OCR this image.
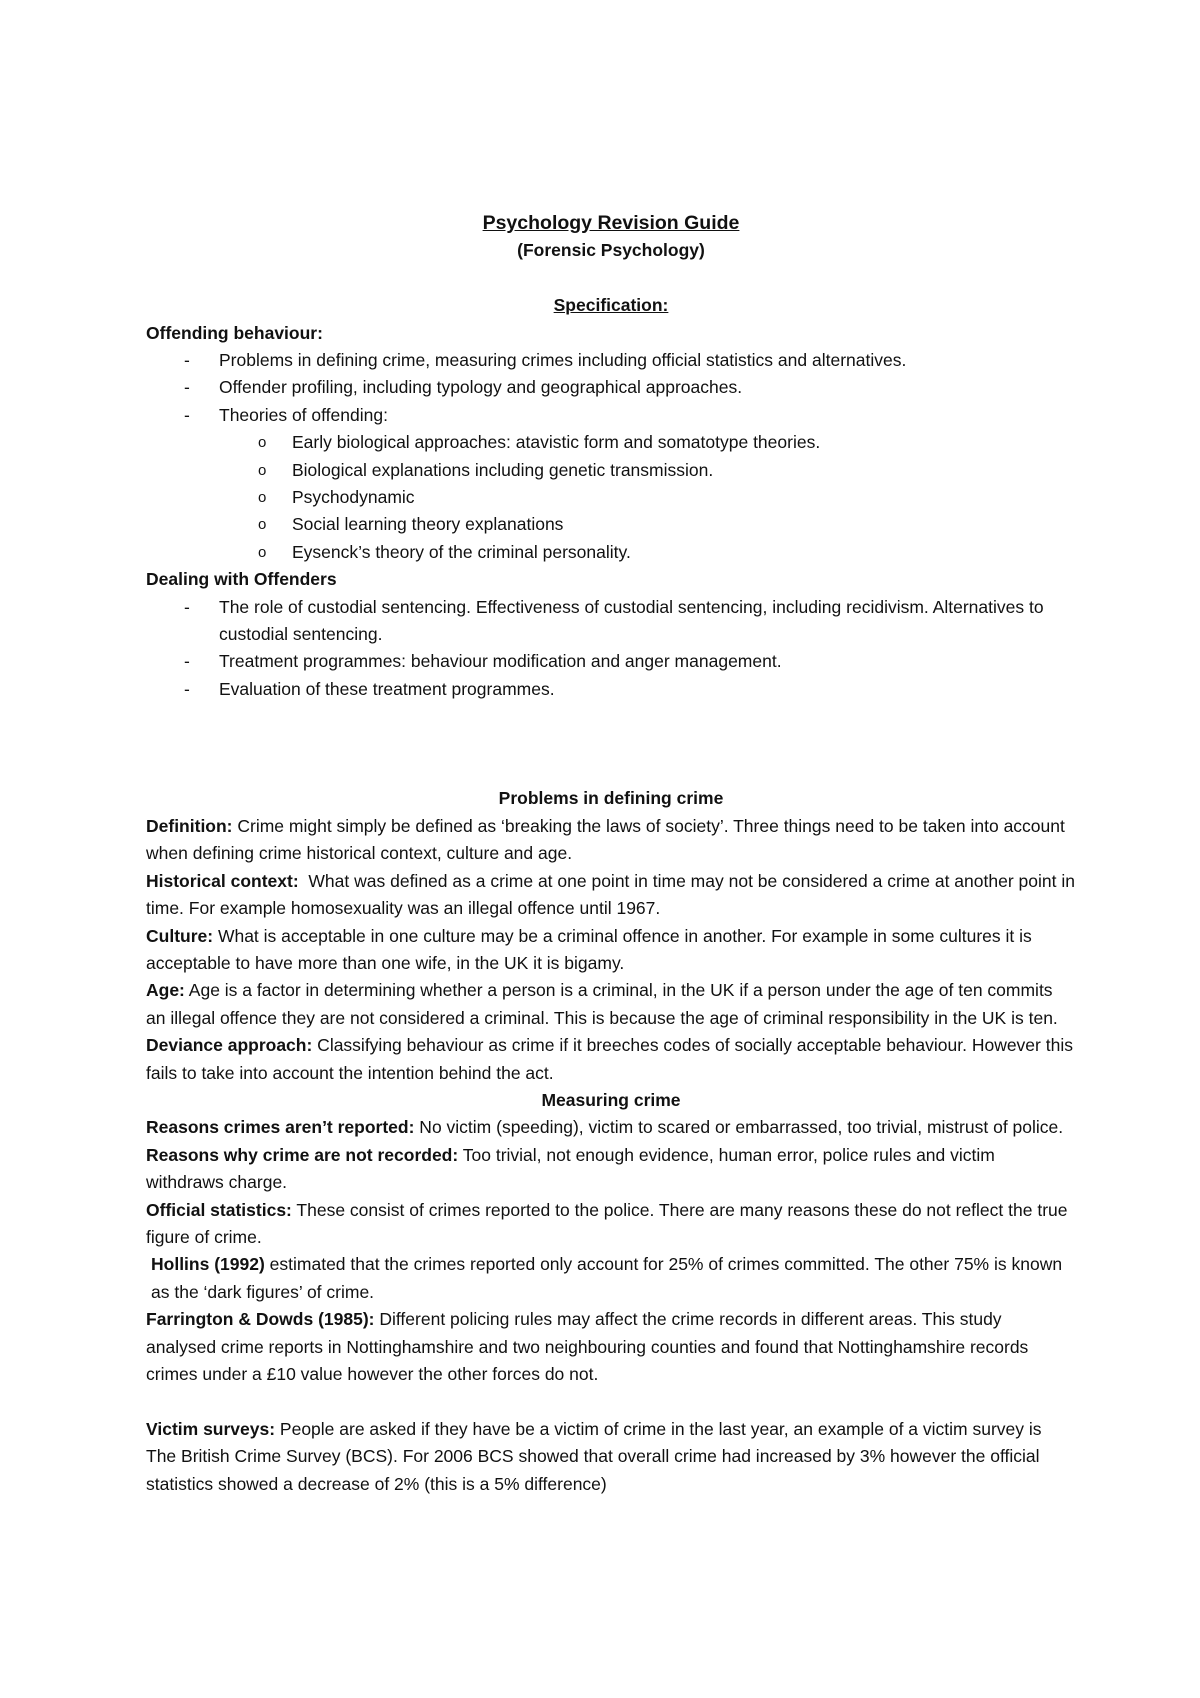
Psychology Revision Guide
(Forensic Psychology)
Specification:
Offending behaviour:
- Problems in defining crime, measuring crimes including official statistics and alternatives.
- Offender profiling, including typology and geographical approaches.
- Theories of offending:
o Early biological approaches: atavistic form and somatotype theories.
o Biological explanations including genetic transmission.
o Psychodynamic
o Social learning theory explanations
o Eysenck’s theory of the criminal personality.
Dealing with Offenders
- The role of custodial sentencing. Effectiveness of custodial sentencing, including recidivism. Alternatives to custodial sentencing.
- Treatment programmes: behaviour modification and anger management.
- Evaluation of these treatment programmes.
Problems in defining crime

Definition: Crime might simply be defined as ‘breaking the laws of society’. Three things need to be taken into account when defining crime historical context, culture and age.

Historical context:  What was defined as a crime at one point in time may not be considered a crime at another point in time. For example homosexuality was an illegal offence until 1967.

Culture: What is acceptable in one culture may be a criminal offence in another. For example in some cultures it is acceptable to have more than one wife, in the UK it is bigamy.

Age: Age is a factor in determining whether a person is a criminal, in the UK if a person under the age of ten commits an illegal offence they are not considered a criminal. This is because the age of criminal responsibility in the UK is ten.

Deviance approach: Classifying behaviour as crime if it breeches codes of socially acceptable behaviour. However this fails to take into account the intention behind the act.

Measuring crime

Reasons crimes aren’t reported: No victim (speeding), victim to scared or embarrassed, too trivial, mistrust of police.

Reasons why crime are not recorded: Too trivial, not enough evidence, human error, police rules and victim withdraws charge.

Official statistics: These consist of crimes reported to the police. There are many reasons these do not reflect the true figure of crime.

Hollins (1992) estimated that the crimes reported only account for 25% of crimes committed. The other 75% is known as the ‘dark figures’ of crime.

Farrington & Dowds (1985): Different policing rules may affect the crime records in different areas. This study analysed crime reports in Nottinghamshire and two neighbouring counties and found that Nottinghamshire records crimes under a £10 value however the other forces do not.

Victim surveys: People are asked if they have be a victim of crime in the last year, an example of a victim survey is The British Crime Survey (BCS). For 2006 BCS showed that overall crime had increased by 3% however the official statistics showed a decrease of 2% (this is a 5% difference)
